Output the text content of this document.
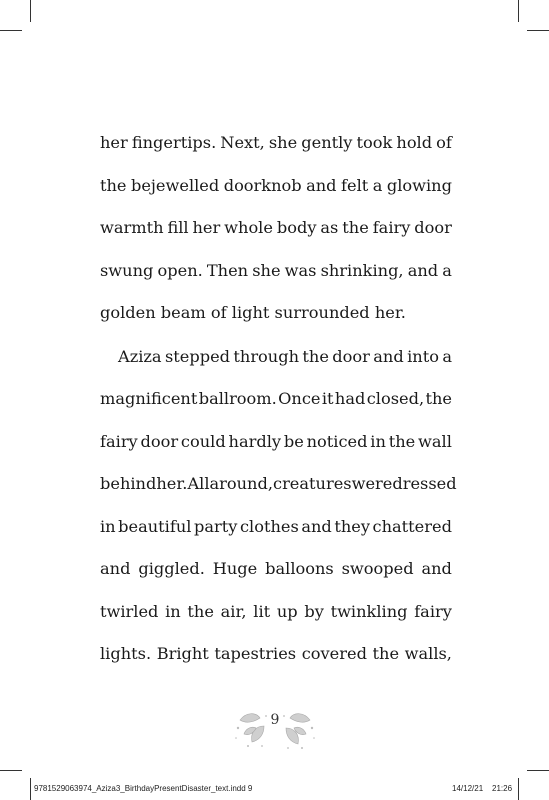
her fingertips. Next, she gently took hold of
the bejewelled doorknob and felt a glowing
warmth fill her whole body as the fairy door
swung open. Then she was shrinking, and a
golden beam of light surrounded her.
Aziza stepped through the door and into a
magnificent ballroom. Once it had closed, the
fairy door could hardly be noticed in the wall
behind her. All around, creatures were dressed
in beautiful party clothes and they chattered
and giggled. Huge balloons swooped and
twirled in the air, lit up by twinkling fairy
lights. Bright tapestries covered the walls,
9
9781529063974_Aziza3_BirthdayPresentDisaster_text.indd 9	14/12/21 21:26
